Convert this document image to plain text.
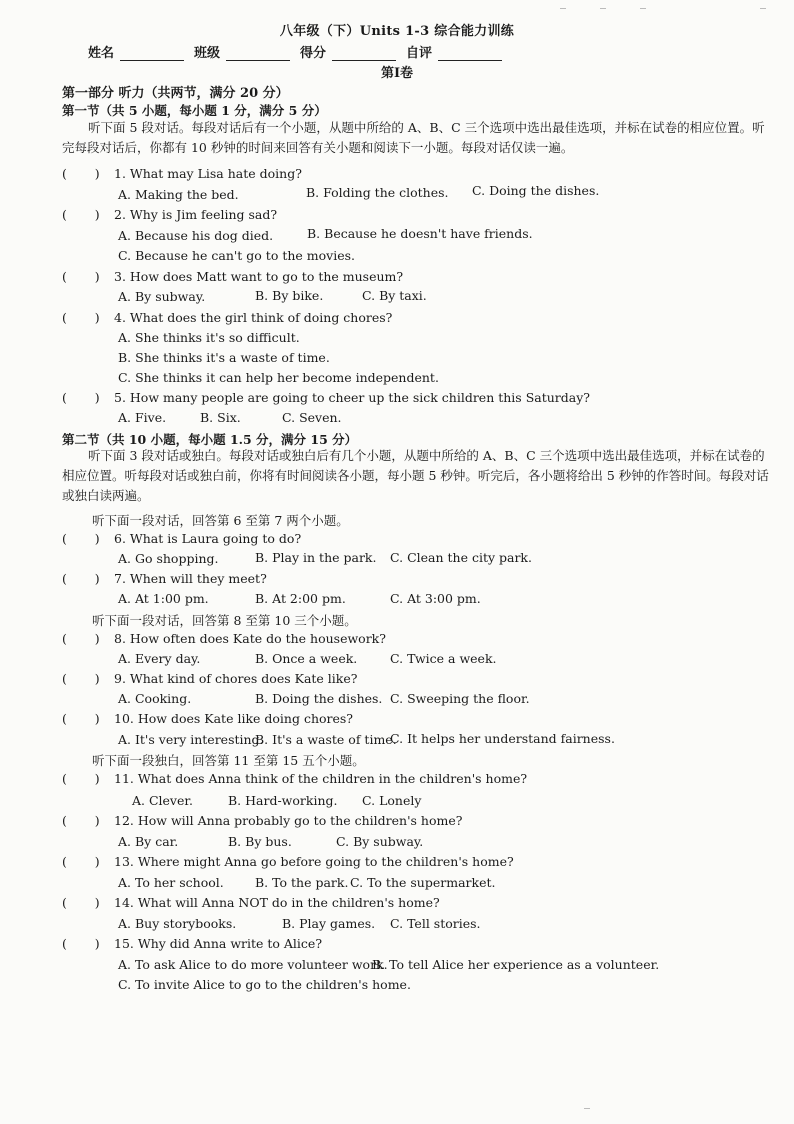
八年级（下）Units 1-3 综合能力训练
姓名	班级	得分	自评
第Ⅰ卷
第一部分 听力（共两节，满分 20 分）
第一节（共 5 小题，每小题 1 分，满分 5 分）
听下面 5 段对话。每段对话后有一个小题，从题中所给的 A、B、C 三个选项中选出最佳选项，并标在试卷的相应位置。听完每段对话后，你都有 10 秒钟的时间来回答有关小题和阅读下一小题。每段对话仅读一遍。
(       )	1. What may Lisa hate doing?
A. Making the bed.	B. Folding the clothes. C. Doing the dishes.
(       )	2. Why is Jim feeling sad?
A. Because his dog died.	B. Because he doesn't have friends.
C. Because he can't go to the movies.
(       )	3. How does Matt want to go to the museum?
A. By subway.	B. By bike.	C. By taxi.
(       )	4. What does the girl think of doing chores?
A. She thinks it's so difficult.
B. She thinks it's a waste of time.
C. She thinks it can help her become independent.
(       )	5. How many people are going to cheer up the sick children this Saturday?
A. Five.	B. Six.	C. Seven.
第二节（共 10 小题，每小题 1.5 分，满分 15 分）
听下面 3 段对话或独白。每段对话或独白后有几个小题，从题中所给的 A、B、C 三个选项中选出最佳选项，并标在试卷的相应位置。听每段对话或独白前，你将有时间阅读各小题，每小题 5 秒钟。听完后，各小题将给出 5 秒钟的作答时间。每段对话或独白读两遍。
听下面一段对话，回答第 6 至第 7 两个小题。
(       )	6. What is Laura going to do?
A. Go shopping.	B. Play in the park. C. Clean the city park.
(       )	7. When will they meet?
A. At 1:00 pm.	B. At 2:00 pm.	C. At 3:00 pm.
听下面一段对话，回答第 8 至第 10 三个小题。
(       )	8. How often does Kate do the housework?
A. Every day.	B. Once a week.	C. Twice a week.
(       )	9. What kind of chores does Kate like?
A. Cooking.	B. Doing the dishes. C. Sweeping the floor.
(       )	10. How does Kate like doing chores?
A. It's very interesting.
B. It's a waste of time.
C. It helps her understand fairness.
听下面一段独白，回答第 11 至第 15 五个小题。
(       )	11. What does Anna think of the children in the children's home?
A. Clever.	B. Hard-working. C. Lonely
(       )	12. How will Anna probably go to the children's home?
A. By car.	B. By bus.	C. By subway.
(       )	13. Where might Anna go before going to the children's home?
A. To her school.	B. To the park. C. To the supermarket.
(       )	14. What will Anna NOT do in the children's home?
A. Buy storybooks.	B. Play games. C. Tell stories.
(       )	15. Why did Anna write to Alice?
A. To ask Alice to do more volunteer work.
B. To tell Alice her experience as a volunteer.
C. To invite Alice to go to the children's home.
